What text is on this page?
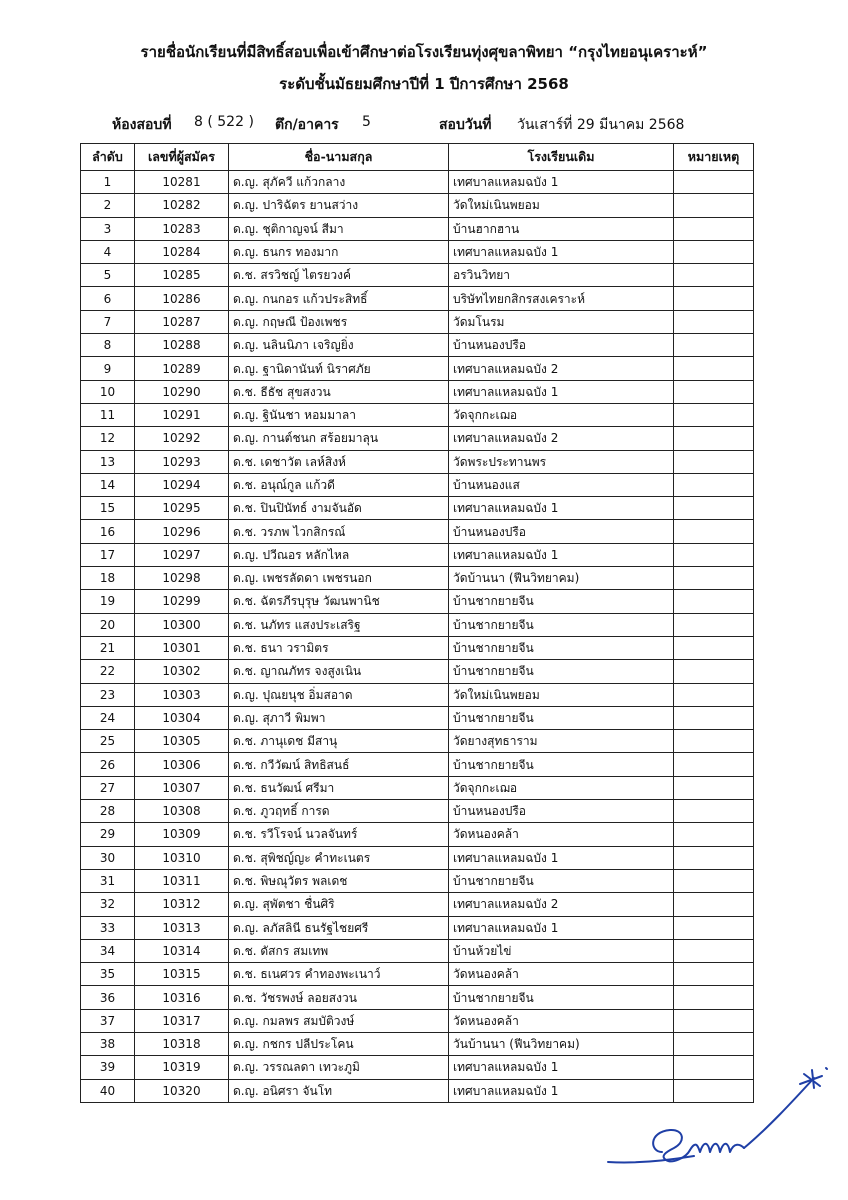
รายชื่อนักเรียนที่มีสิทธิ์สอบเพื่อเข้าศึกษาต่อโรงเรียนทุ่งศุขลาพิทยา “กรุงไทยอนุเคราะห์”
ระดับชั้นมัธยมศึกษาปีที่ 1 ปีการศึกษา 2568
ห้องสอบที่ 8 ( 522 ) ตึก/อาคาร 5	สอบวันที่ วันเสาร์ที่ 29 มีนาคม 2568
ลำดับ	เลขที่ผู้สมัคร	ชื่อ-นามสกุล	โรงเรียนเดิม	หมายเหตุ
1	10281	ด.ญ. สุภัควี แก้วกลาง	เทศบาลแหลมฉบัง 1	
2	10282	ด.ญ. ปาริฉัตร ยานสว่าง	วัดใหม่เนินพยอม	
3	10283	ด.ญ. ชุติกาญจน์ สีมา	บ้านฮากฮาน	
4	10284	ด.ญ. ธนกร ทองมาก	เทศบาลแหลมฉบัง 1	
5	10285	ด.ช. สรวิชญ์ ไตรยวงค์	อรวินวิทยา	
6	10286	ด.ญ. กนกอร แก้วประสิทธิ์	บริษัทไทยกสิกรสงเคราะห์	
7	10287	ด.ญ. กฤษณี ป้องเพชร	วัดมโนรม	
8	10288	ด.ญ. นลินนิภา เจริญยิ่ง	บ้านหนองปรือ	
9	10289	ด.ญ. ฐานิดานันท์ นิราศภัย	เทศบาลแหลมฉบัง 2	
10	10290	ด.ช. ธีธัช สุขสงวน	เทศบาลแหลมฉบัง 1	
11	10291	ด.ญ. ฐินันชา หอมมาลา	วัดจุกกะเฌอ	
12	10292	ด.ญ. กานต์ชนก สร้อยมาลุน	เทศบาลแหลมฉบัง 2	
13	10293	ด.ช. เดชาวัต เลห์สิงห์	วัดพระประทานพร	
14	10294	ด.ช. อนุณ์กูล แก้วดี	บ้านหนองแส	
15	10295	ด.ช. ปินปินัทธ์ งามจันอัด	เทศบาลแหลมฉบัง 1	
16	10296	ด.ช. วรภพ ไวกสิกรณ์	บ้านหนองปรือ	
17	10297	ด.ญ. ปวีณอร หลักไหล	เทศบาลแหลมฉบัง 1	
18	10298	ด.ญ. เพชรลัดดา เพชรนอก	วัดบ้านนา (ฟีนวิทยาคม)	
19	10299	ด.ช. ฉัตรภีรบุรุษ วัฒนพานิช	บ้านชากยายจีน	
20	10300	ด.ช. นภัทร แสงประเสริฐ	บ้านชากยายจีน	
21	10301	ด.ช. ธนา วรามิตร	บ้านชากยายจีน	
22	10302	ด.ช. ญาณภัทร จงสูงเนิน	บ้านชากยายจีน	
23	10303	ด.ญ. ปุณยนุช อิ่มสอาด	วัดใหม่เนินพยอม	
24	10304	ด.ญ. สุภาวี พิมพา	บ้านชากยายจีน	
25	10305	ด.ช. ภานุเดช มีสานุ	วัดยางสุทธาราม	
26	10306	ด.ช. กวีวัฒน์ สิทธิสนธ์	บ้านชากยายจีน	
27	10307	ด.ช. ธนวัฒน์ ศรีมา	วัดจุกกะเฌอ	
28	10308	ด.ช. ภูวฤทธิ์ การด	บ้านหนองปรือ	
29	10309	ด.ช. รวีโรจน์ นวลจันทร์	วัดหนองคล้า	
30	10310	ด.ช. สุพิชญ์ญะ คำทะเนตร	เทศบาลแหลมฉบัง 1	
31	10311	ด.ช. พิษณุวัตร พลเดช	บ้านชากยายจีน	
32	10312	ด.ญ. สุพัตชา ชื่นศิริ	เทศบาลแหลมฉบัง 2	
33	10313	ด.ญ. ลภัสลินี ธนรัฐไชยศรี	เทศบาลแหลมฉบัง 1	
34	10314	ด.ช. ดัสกร สมเทพ	บ้านห้วยไข่	
35	10315	ด.ช. ธเนศวร คำทองพะเนาว์	วัดหนองคล้า	
36	10316	ด.ช. วัชรพงษ์ ลอยสงวน	บ้านชากยายจีน	
37	10317	ด.ญ. กมลพร สมบัติวงษ์	วัดหนองคล้า	
38	10318	ด.ญ. กชกร ปลีประโคน	วันบ้านนา (ฟีนวิทยาคม)	
39	10319	ด.ญ. วรรณลดา เทวะภูมิ	เทศบาลแหลมฉบัง 1	
40	10320	ด.ญ. อนิศรา จันโท	เทศบาลแหลมฉบัง 1	
